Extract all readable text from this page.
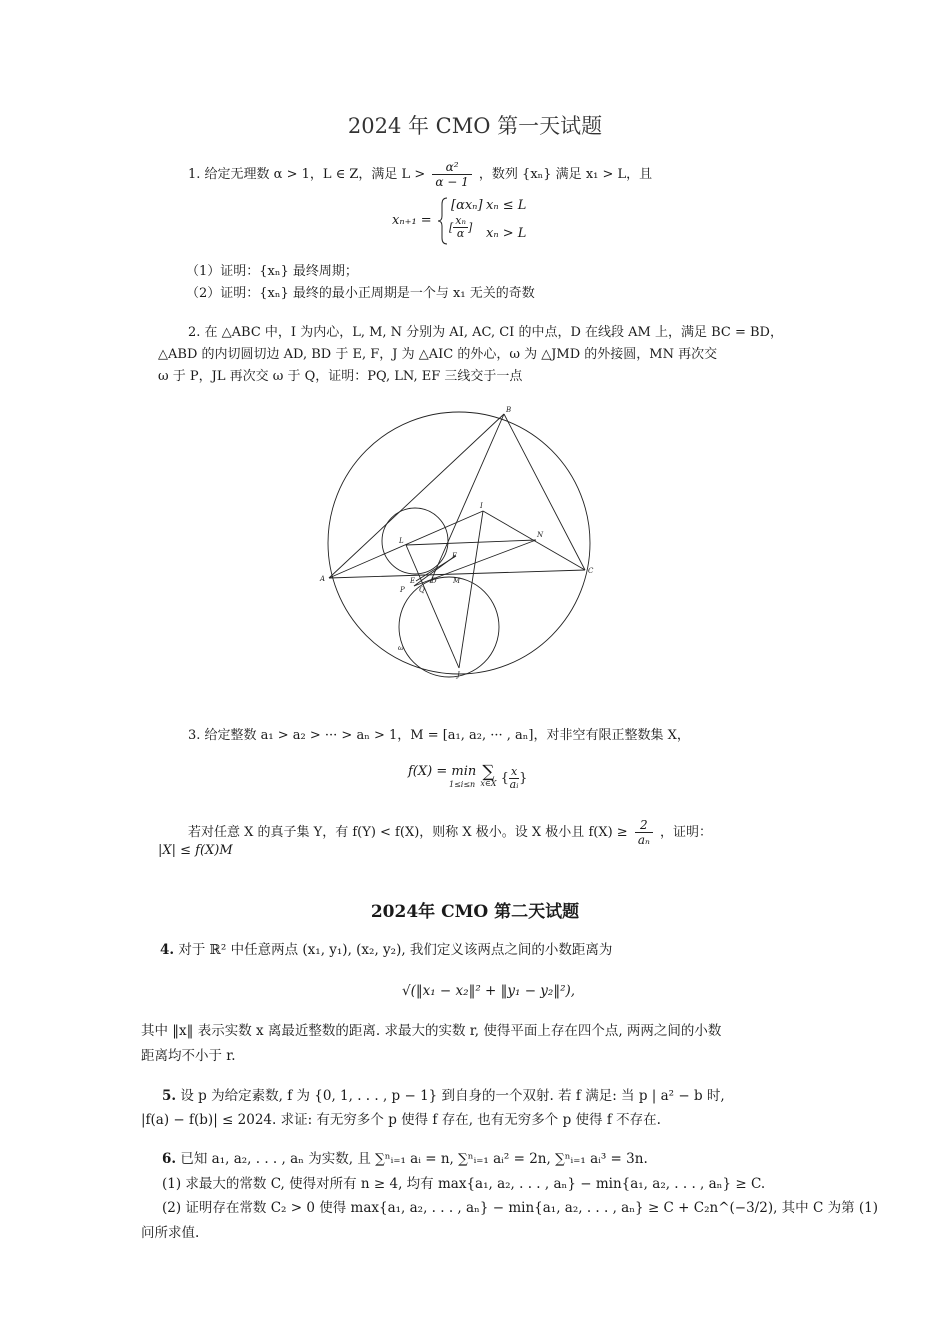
2024 年 CMO 第一天试题
1. 给定无理数 α > 1，L ∈ Z，满足 $L > \frac{\text{α²}}{\alpha - 1}$ ，数列 {xₙ} 满足 x₁ > L，且
xₙ₊₁ =
[αxₙ] xₙ ≤ L
[ $\frac{\text{xₙ}}{\alpha}$ ] xₙ > L
（1）证明：{xₙ} 最终周期；
（2）证明：{xₙ} 最终的最小正周期是一个与 x₁ 无关的奇数
2. 在 △ABC 中，I 为内心，L, M, N 分别为 AI, AC, CI 的中点，D 在线段 AM 上，满足 BC = BD，
△ABD 的内切圆切边 AD, BD 于 E, F，J 为 △AIC 的外心，ω 为 △JMD 的外接圆，MN 再次交
ω 于 P，JL 再次交 ω 于 Q，证明：PQ, LN, EF 三线交于一点
B
A
C
I
L
N
F
E D M
P Q
J
ω
3. 给定整数 a₁ > a₂ > ··· > aₙ > 1，M = [a₁, a₂, ··· , aₙ]，对非空有限正整数集 X，
f(X) = min
1≤i≤n

∑
x∈X { $\frac{x}{\text{aᵢ}}$ }
若对任意 X 的真子集 Y，有 f(Y) < f(X)，则称 X 极小。设 X 极小且 $f(X) \ge \frac{2}{\text{aₙ}}$ ，证明：
|X| ≤ f(X)M
2024年 CMO 第二天试题
4. 对于 ℝ² 中任意两点 (x₁, y₁), (x₂, y₂), 我们定义该两点之间的小数距离为
√(‖x₁ − x₂‖² + ‖y₁ − y₂‖²),
其中 ‖x‖ 表示实数 x 离最近整数的距离. 求最大的实数 r, 使得平面上存在四个点, 两两之间的小数
距离均不小于 r.
5. 设 p 为给定素数, f 为 {0, 1, . . . , p − 1} 到自身的一个双射. 若 f 满足: 当 p | a² − b 时,
|f(a) − f(b)| ≤ 2024. 求证: 有无穷多个 p 使得 f 存在, 也有无穷多个 p 使得 f 不存在.
6. 已知 a₁, a₂, . . . , aₙ 为实数, 且 ∑ⁿᵢ₌₁ aᵢ = n, ∑ⁿᵢ₌₁ aᵢ² = 2n, ∑ⁿᵢ₌₁ aᵢ³ = 3n.
(1) 求最大的常数 C, 使得对所有 n ≥ 4, 均有 max{a₁, a₂, . . . , aₙ} − min{a₁, a₂, . . . , aₙ} ≥ C.
(2) 证明存在常数 C₂ > 0 使得 max{a₁, a₂, . . . , aₙ} − min{a₁, a₂, . . . , aₙ} ≥ C + C₂n^(−3/2), 其中 C 为第 (1)
问所求值.
